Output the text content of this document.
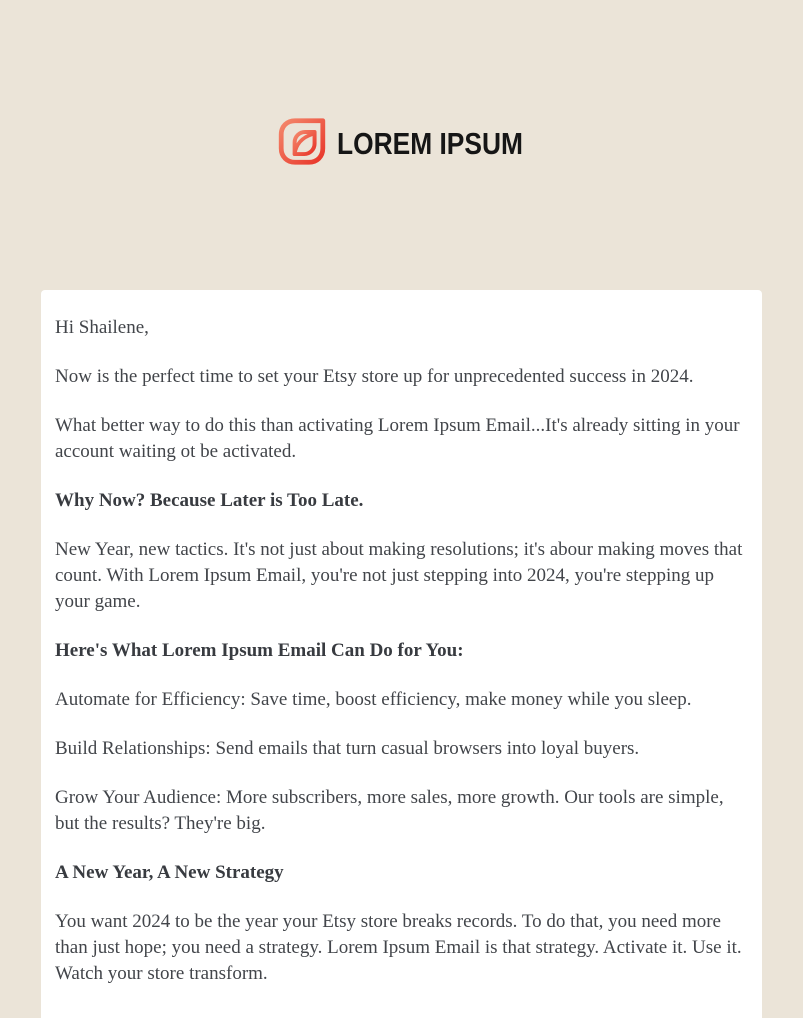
LOREM IPSUM

Hi Shailene,

Now is the perfect time to set your Etsy store up for unprecedented success in 2024.

What better way to do this than activating Lorem Ipsum Email...It's already sitting in your account waiting ot be activated.

Why Now? Because Later is Too Late.

New Year, new tactics. It's not just about making resolutions; it's abour making moves that count. With Lorem Ipsum Email, you're not just stepping into 2024, you're stepping up your game.

Here's What Lorem Ipsum Email Can Do for You:

Automate for Efficiency: Save time, boost efficiency, make money while you sleep.

Build Relationships: Send emails that turn casual browsers into loyal buyers.

Grow Your Audience: More subscribers, more sales, more growth. Our tools are simple, but the results? They're big.

A New Year, A New Strategy

You want 2024 to be the year your Etsy store breaks records. To do that, you need more than just hope; you need a strategy. Lorem Ipsum Email is that strategy. Activate it. Use it. Watch your store transform.
